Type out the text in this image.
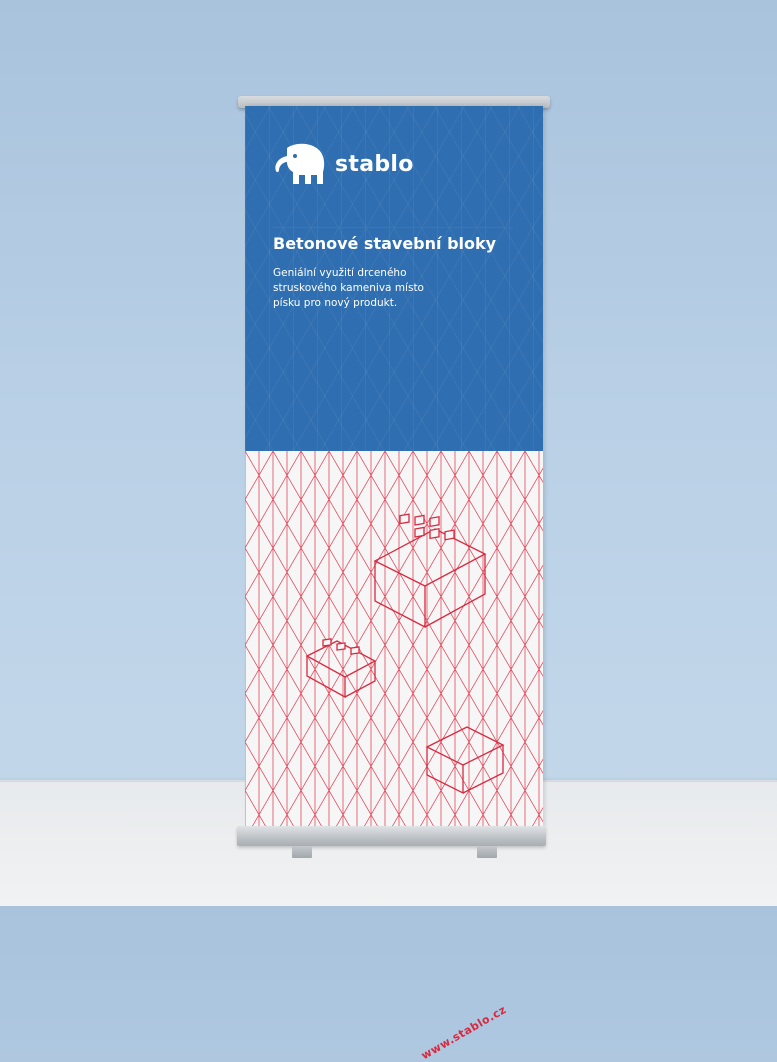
stablo
Betonové stavební bloky
Geniální využití drceného
struskového kameniva místo
písku pro nový produkt.
www.stablo.cz
